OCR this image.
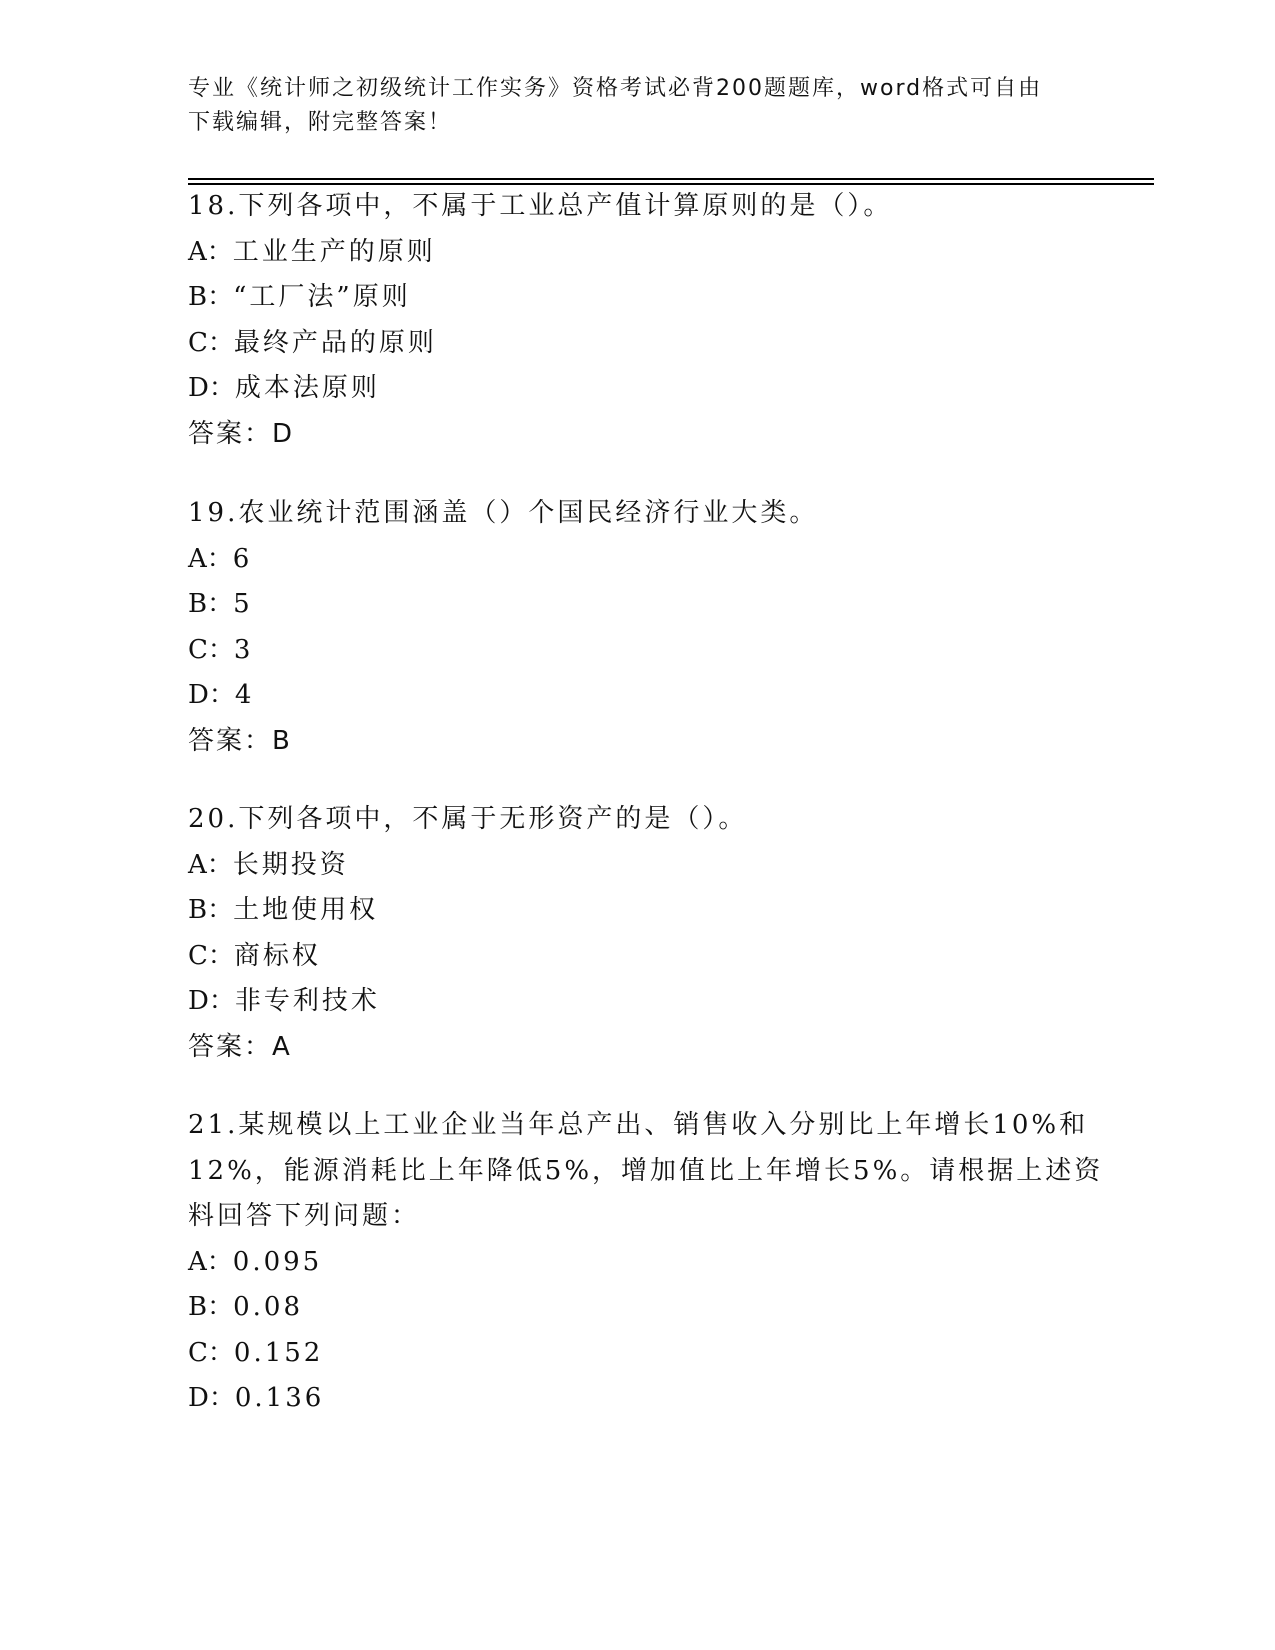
专业《统计师之初级统计工作实务》资格考试必背200题题库，word格式可自由
下载编辑，附完整答案！
18.下列各项中，不属于工业总产值计算原则的是（）。
A：工业生产的原则
B：“工厂法”原则
C：最终产品的原则
D：成本法原则
答案：D
19.农业统计范围涵盖（）个国民经济行业大类。
A：6
B：5
C：3
D：4
答案：B
20.下列各项中，不属于无形资产的是（）。
A：长期投资
B：土地使用权
C：商标权
D：非专利技术
答案：A
21.某规模以上工业企业当年总产出、销售收入分别比上年增长10%和
12%，能源消耗比上年降低5%，增加值比上年增长5%。请根据上述资
料回答下列问题：
A：0.095
B：0.08
C：0.152
D：0.136
